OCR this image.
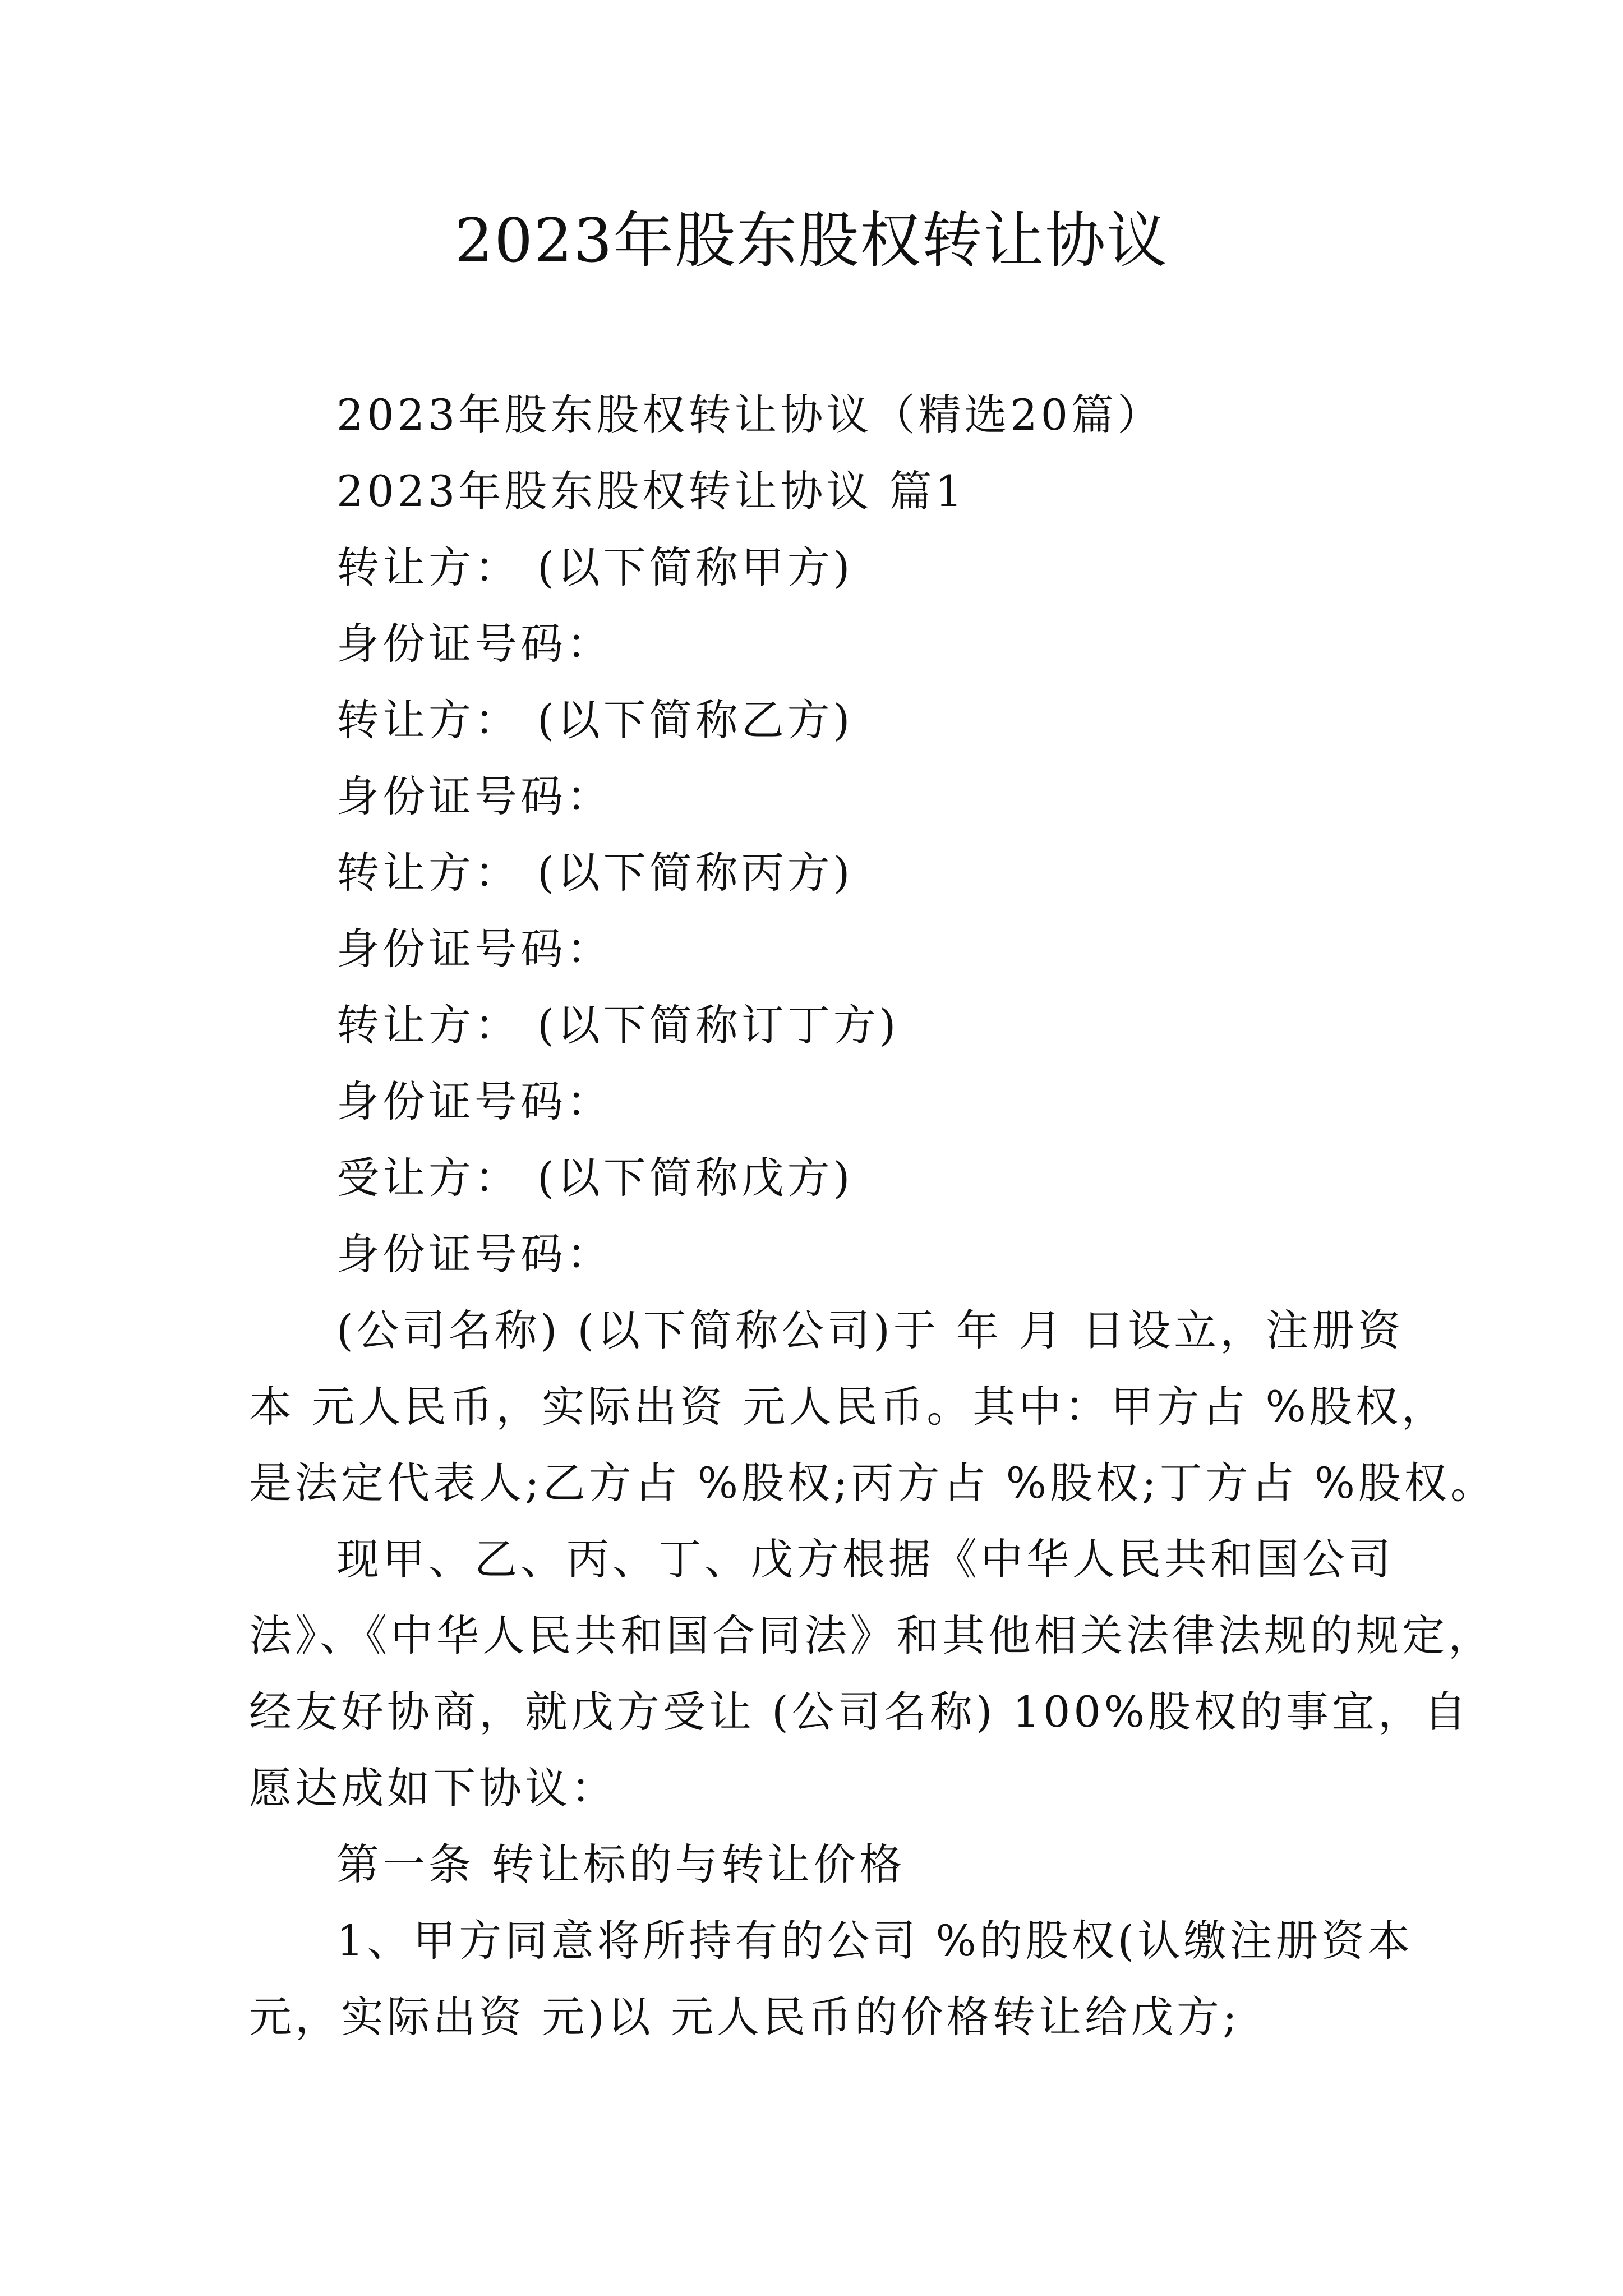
2023年股东股权转让协议
2023年股东股权转让协议（精选20篇）
2023年股东股权转让协议 篇1
转让方： (以下简称甲方)
身份证号码：
转让方： (以下简称乙方)
身份证号码：
转让方： (以下简称丙方)
身份证号码：
转让方： (以下简称订丁方)
身份证号码：
受让方： (以下简称戊方)
身份证号码：
(公司名称) (以下简称公司)于 年 月 日设立，注册资
本 元人民币，实际出资 元人民币。其中：甲方占 %股权，
是法定代表人;乙方占 %股权;丙方占 %股权;丁方占 %股权。
现甲、乙、丙、丁、戊方根据《中华人民共和国公司
法》、《中华人民共和国合同法》和其他相关法律法规的规定，
经友好协商，就戊方受让 (公司名称) 100%股权的事宜，自
愿达成如下协议：
第一条 转让标的与转让价格
1、甲方同意将所持有的公司 %的股权(认缴注册资本
元，实际出资 元)以 元人民币的价格转让给戊方;
